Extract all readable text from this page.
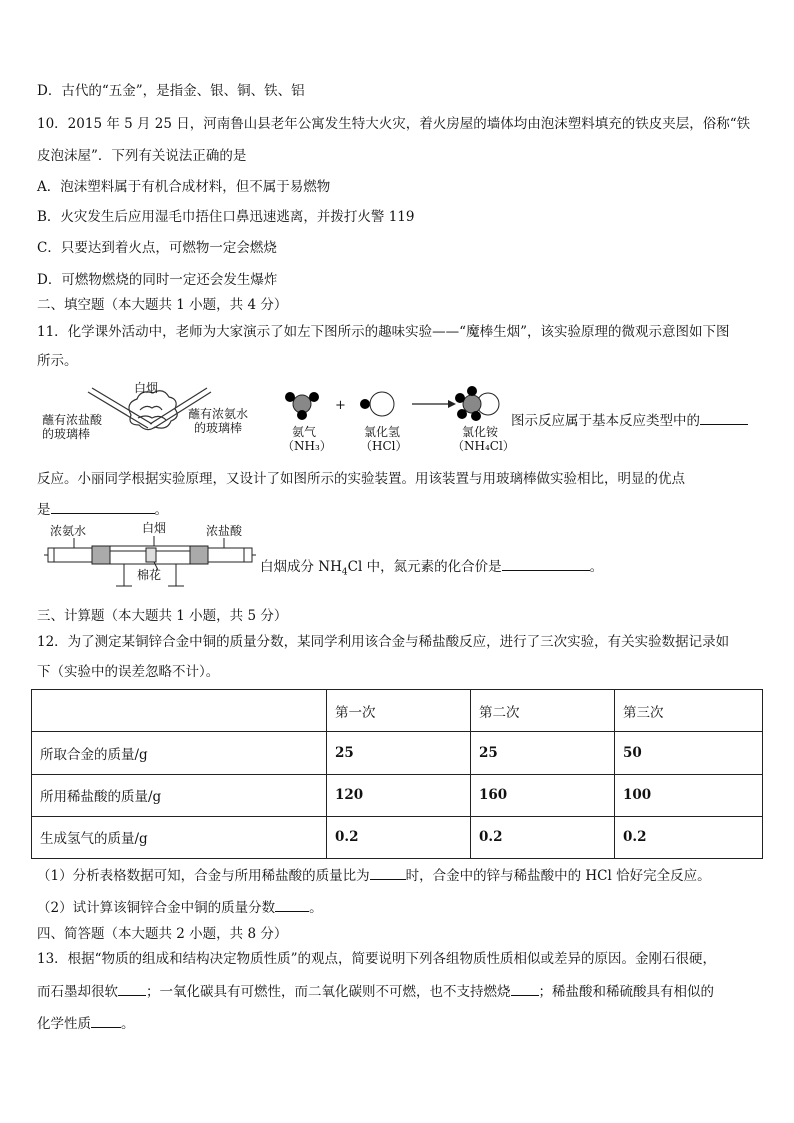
D．古代的“五金”，是指金、银、铜、铁、铝
10．2015 年 5 月 25 日，河南鲁山县老年公寓发生特大火灾，着火房屋的墙体均由泡沫塑料填充的铁皮夹层，俗称“铁
皮泡沫屋”．下列有关说法正确的是
A．泡沫塑料属于有机合成材料，但不属于易燃物
B．火灾发生后应用湿毛巾捂住口鼻迅速逃离，并拨打火警 119
C．只要达到着火点，可燃物一定会燃烧
D．可燃物燃烧的同时一定还会发生爆炸
二、填空题（本大题共 1 小题，共 4 分）
11．化学课外活动中，老师为大家演示了如左下图所示的趣味实验——“魔棒生烟”，该实验原理的微观示意图如下图
所示。
白烟
蘸有浓盐酸
的玻璃棒
蘸有浓氨水
的玻璃棒
+
氨气
（NH₃）
氯化氢
（HCl）
氯化铵
（NH₄Cl）
图示反应属于基本反应类型中的
反应。小丽同学根据实验原理，又设计了如图所示的实验装置。用该装置与用玻璃棒做实验相比，明显的优点
是	。
浓氨水	白烟	浓盐酸
棉花	白烟成分 $NH_4Cl$ 中，氮元素的化合价是	。
三、计算题（本大题共 1 小题，共 5 分）
12．为了测定某铜锌合金中铜的质量分数，某同学利用该合金与稀盐酸反应，进行了三次实验，有关实验数据记录如
下（实验中的误差忽略不计）。
	第一次	第二次	第三次
所取合金的质量/g	25	25	50
所用稀盐酸的质量/g	120	160	100
生成氢气的质量/g	0.2	0.2	0.2
（1）分析表格数据可知，合金与所用稀盐酸的质量比为	时，合金中的锌与稀盐酸中的 HCl 恰好完全反应。
（2）试计算该铜锌合金中铜的质量分数	。
四、简答题（本大题共 2 小题，共 8 分）
13．根据“物质的组成和结构决定物质性质”的观点，简要说明下列各组物质性质相似或差异的原因。金刚石很硬，
而石墨却很软 ；一氧化碳具有可燃性，而二氧化碳则不可燃，也不支持燃烧 ；稀盐酸和稀硫酸具有相似的
化学性质 。
